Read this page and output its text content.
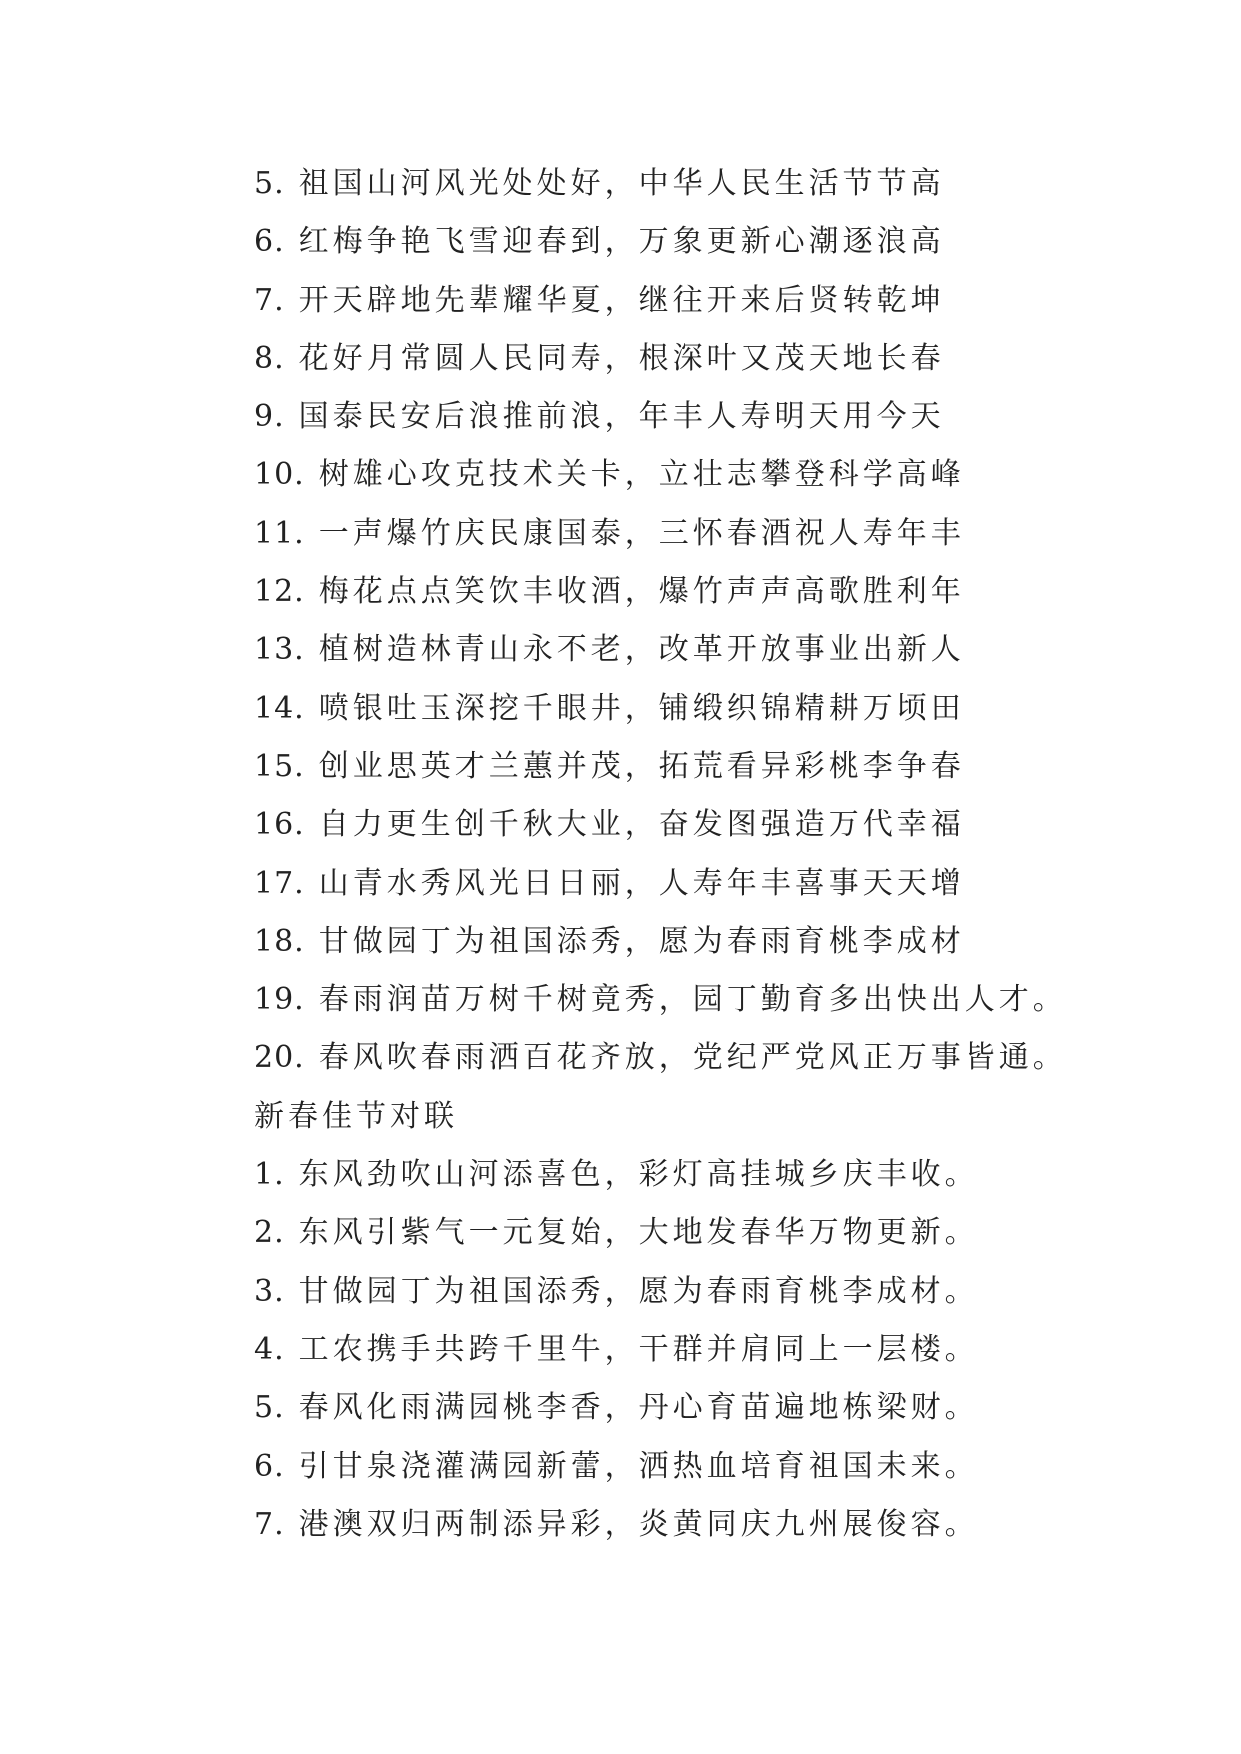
5. 祖国山河风光处处好，中华人民生活节节高
6. 红梅争艳飞雪迎春到，万象更新心潮逐浪高
7. 开天辟地先辈耀华夏，继往开来后贤转乾坤
8. 花好月常圆人民同寿，根深叶又茂天地长春
9. 国泰民安后浪推前浪，年丰人寿明天用今天
10. 树雄心攻克技术关卡，立壮志攀登科学高峰
11. 一声爆竹庆民康国泰，三怀春酒祝人寿年丰
12. 梅花点点笑饮丰收酒，爆竹声声高歌胜利年
13. 植树造林青山永不老，改革开放事业出新人
14. 喷银吐玉深挖千眼井，铺缎织锦精耕万顷田
15. 创业思英才兰蕙并茂，拓荒看异彩桃李争春
16. 自力更生创千秋大业，奋发图强造万代幸福
17. 山青水秀风光日日丽，人寿年丰喜事天天增
18. 甘做园丁为祖国添秀，愿为春雨育桃李成材
19. 春雨润苗万树千树竟秀，园丁勤育多出快出人才。
20. 春风吹春雨洒百花齐放，党纪严党风正万事皆通。
新春佳节对联
1. 东风劲吹山河添喜色，彩灯高挂城乡庆丰收。
2. 东风引紫气一元复始，大地发春华万物更新。
3. 甘做园丁为祖国添秀，愿为春雨育桃李成材。
4. 工农携手共跨千里牛，干群并肩同上一层楼。
5. 春风化雨满园桃李香，丹心育苗遍地栋梁财。
6. 引甘泉浇灌满园新蕾，洒热血培育祖国未来。
7. 港澳双归两制添异彩，炎黄同庆九州展俊容。
